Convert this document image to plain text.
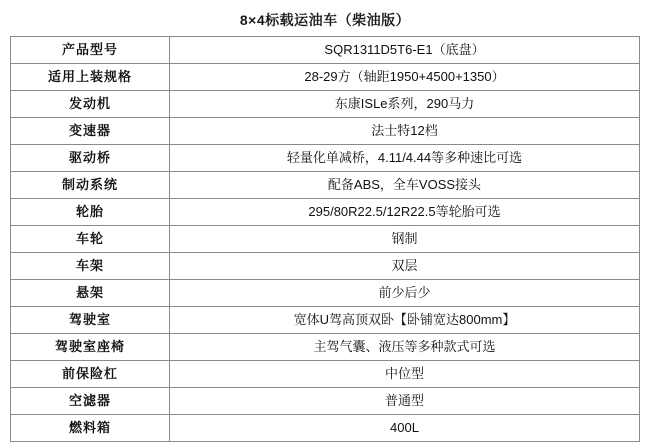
8×4标载运油车（柴油版）
产品型号	SQR1311D5T6-E1（底盘）
适用上装规格	28-29方（轴距1950+4500+1350）
发动机	东康ISLe系列，290马力
变速器	法士特12档
驱动桥	轻量化单减桥，4.11/4.44等多种速比可选
制动系统	配备ABS，全车VOSS接头
轮胎	295/80R22.5/12R22.5等轮胎可选
车轮	钢制
车架	双层
悬架	前少后少
驾驶室	宽体U驾高顶双卧【卧铺宽达800mm】
驾驶室座椅	主驾气囊、液压等多种款式可选
前保险杠	中位型
空滤器	普通型
燃料箱	400L
